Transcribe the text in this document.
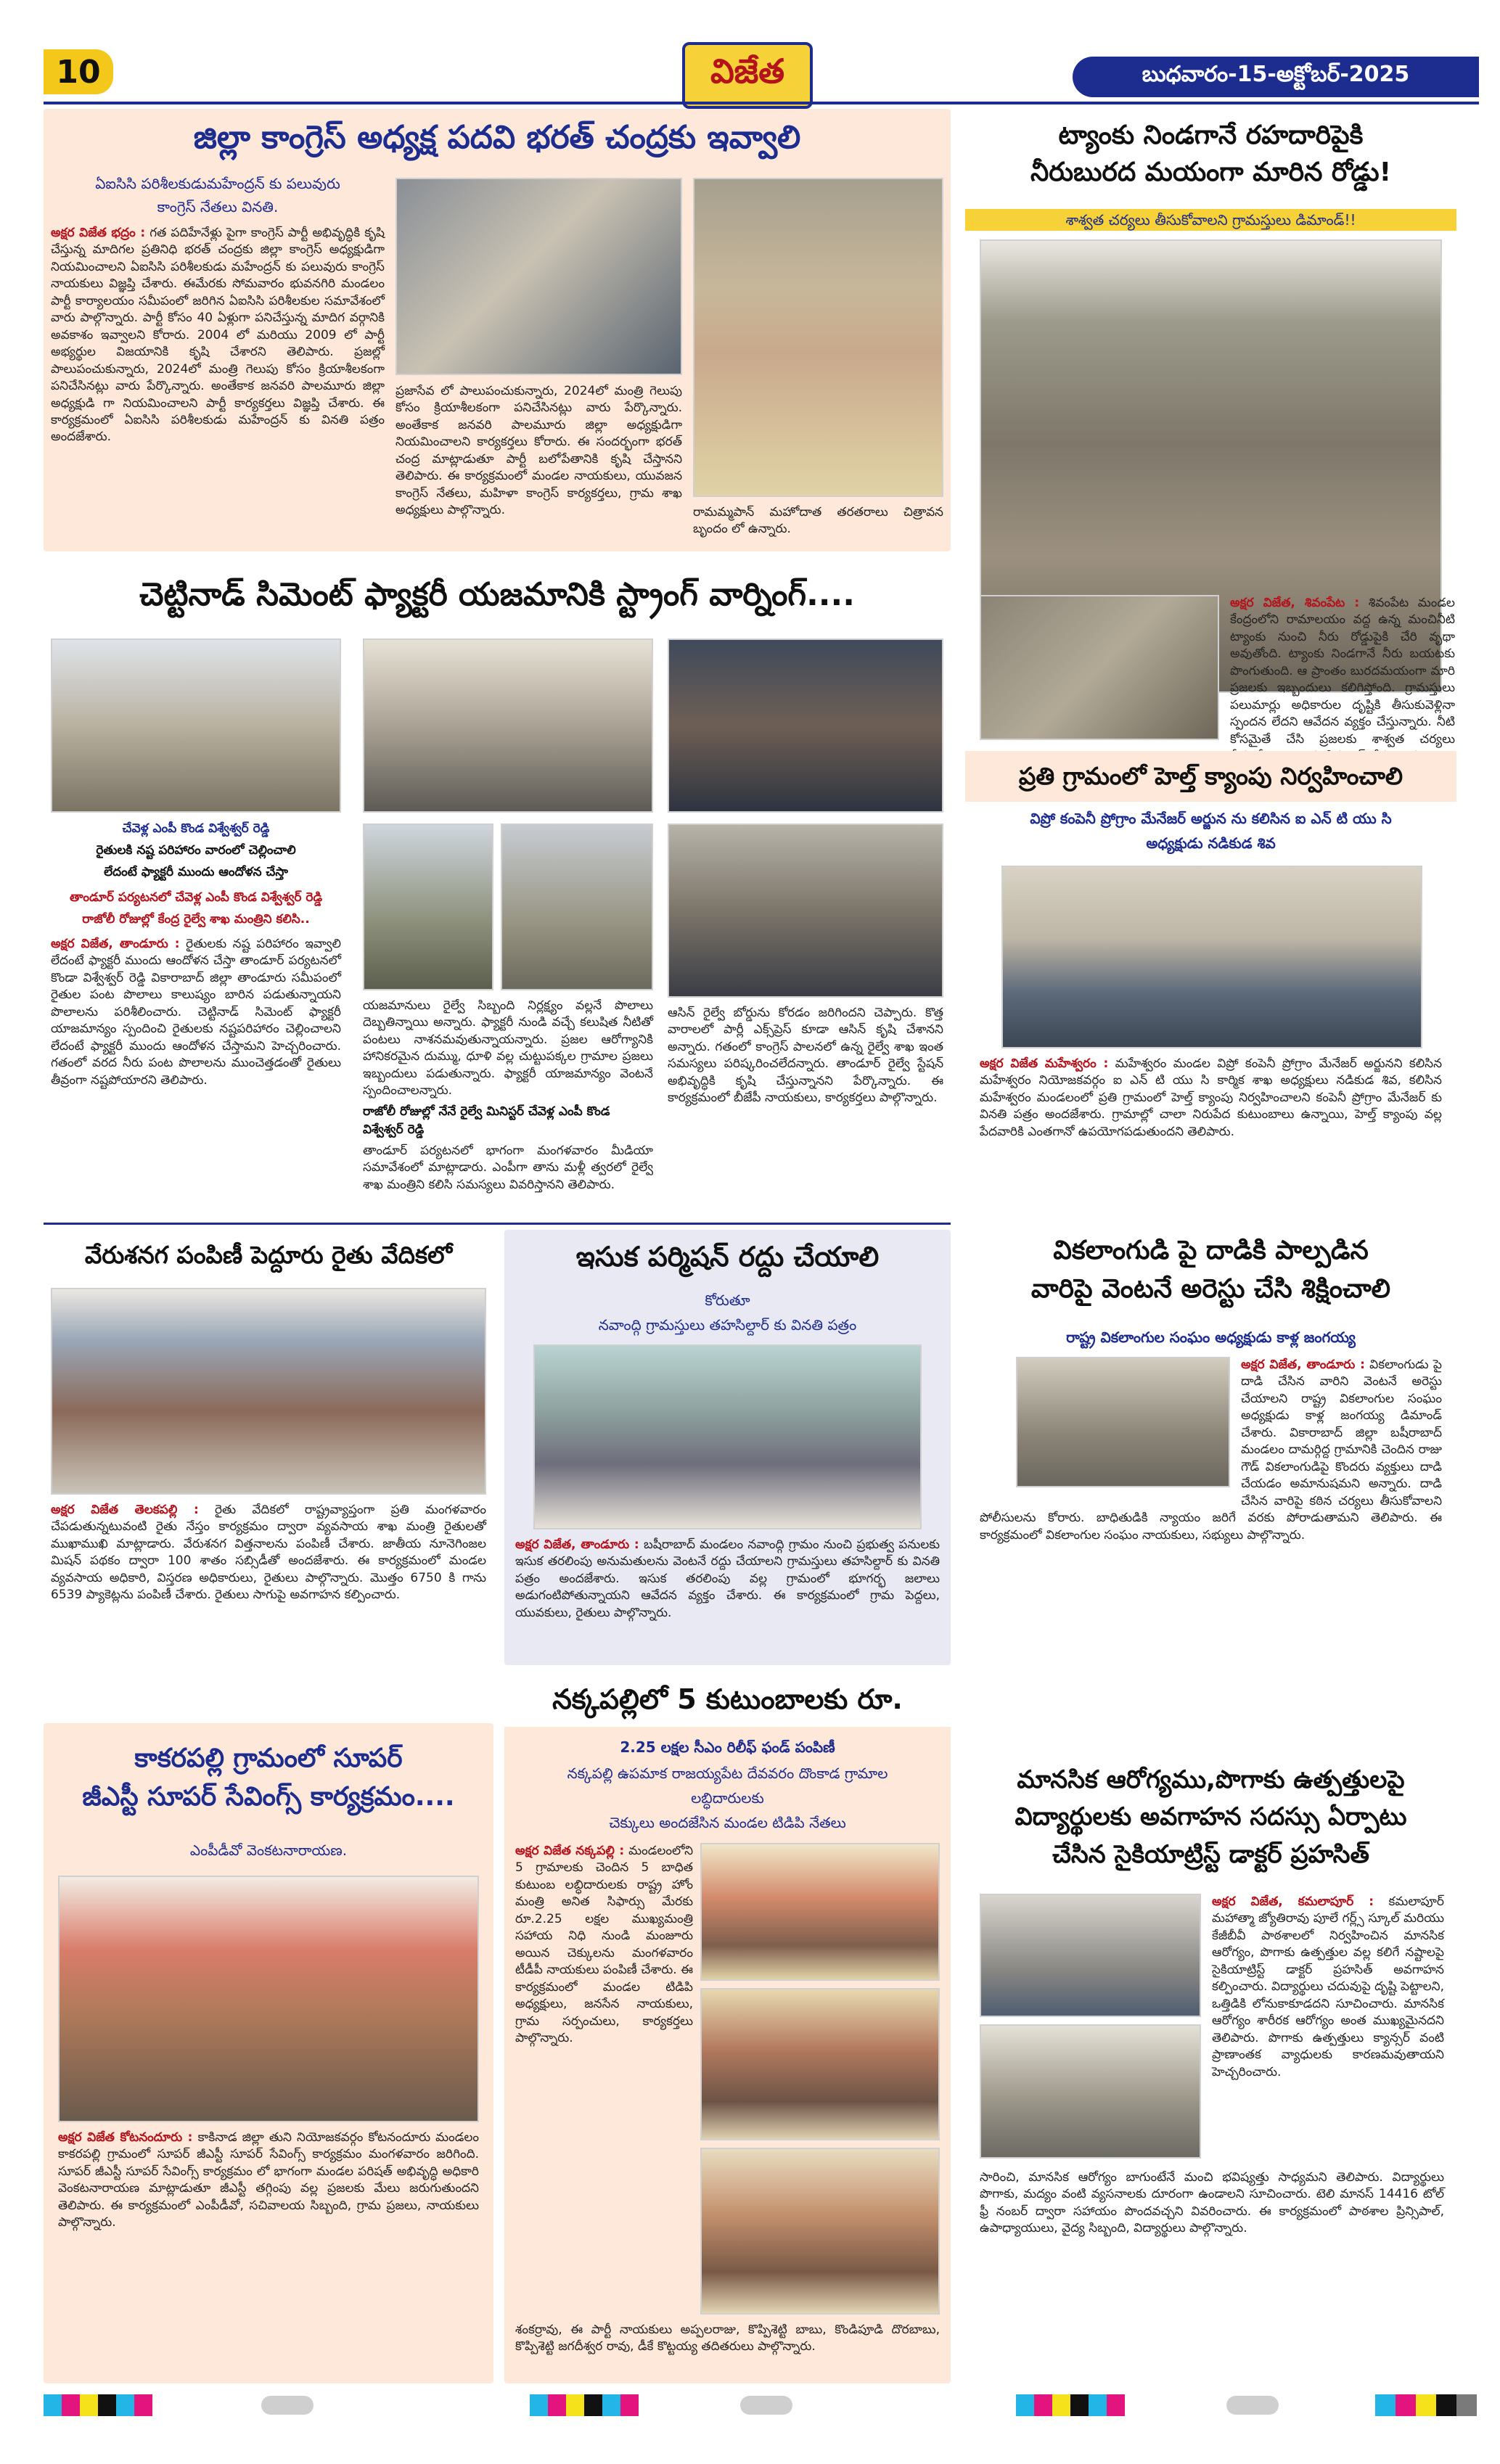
10	విజేత	బుధవారం-15-అక్టోబర్-2025
జిల్లా కాంగ్రెస్ అధ్యక్ష పదవి భరత్ చంద్రకు ఇవ్వాలి
ఏఐసిసి పరిశీలకుడుమహేంద్రన్ కు పలువురు
కాంగ్రెస్ నేతలు వినతి.
అక్షర విజేత భద్రం : గత పదిహేనేళ్లు పైగా కాంగ్రెస్ పార్టీ అభివృద్ధికి కృషి చేస్తున్న మాదిగల ప్రతినిధి భరత్ చంద్రకు జిల్లా కాంగ్రెస్ అధ్యక్షుడిగా నియమించాలని ఏఐసిసి పరిశీలకుడు మహేంద్రన్ కు పలువురు కాంగ్రెస్ నాయకులు విజ్ఞప్తి చేశారు. ఈమేరకు సోమవారం భువనగిరి మండలం పార్టీ కార్యాలయం సమీపంలో జరిగిన ఏఐసిసి పరిశీలకుల సమావేశంలో వారు పాల్గొన్నారు. పార్టీ కోసం 40 ఏళ్లుగా పనిచేస్తున్న మాదిగ వర్గానికి అవకాశం ఇవ్వాలని కోరారు. 2004 లో మరియు 2009 లో పార్టీ అభ్యర్థుల విజయానికి కృషి చేశారని తెలిపారు. ప్రజల్లో పాలుపంచుకున్నారు, 2024లో మంత్రి గెలుపు కోసం క్రియాశీలకంగా పనిచేసినట్లు వారు పేర్కొన్నారు. అంతేకాక జనవరి పాలమూరు జిల్లా అధ్యక్షుడి గా నియమించాలని పార్టీ కార్యకర్తలు విజ్ఞప్తి చేశారు. ఈ కార్యక్రమంలో ఏఐసిసి పరిశీలకుడు మహేంద్రన్ కు వినతి పత్రం అందజేశారు.
ప్రజాసేవ లో పాలుపంచుకున్నారు, 2024లో మంత్రి గెలుపు కోసం క్రియాశీలకంగా పనిచేసినట్లు వారు పేర్కొన్నారు. అంతేకాక జనవరి పాలమూరు జిల్లా అధ్యక్షుడిగా నియమించాలని కార్యకర్తలు కోరారు. ఈ సందర్భంగా భరత్ చంద్ర మాట్లాడుతూ పార్టీ బలోపేతానికి కృషి చేస్తానని తెలిపారు. ఈ కార్యక్రమంలో మండల నాయకులు, యువజన కాంగ్రెస్ నేతలు, మహిళా కాంగ్రెస్ కార్యకర్తలు, గ్రామ శాఖ అధ్యక్షులు పాల్గొన్నారు.	రామమ్మపాన్ మహోదాత తరతరాలు చిత్రావన బృందం లో ఉన్నారు.
ట్యాంకు నిండగానే రహదారిపైకి
నీరుబురద మయంగా మారిన రోడ్డు!
శాశ్వత చర్యలు తీసుకోవాలని గ్రామస్తులు డిమాండ్!!
అక్షర విజేత, శివంపేట : శివంపేట మండల కేంద్రంలోని రామాలయం వద్ద ఉన్న మంచినీటి ట్యాంకు నుంచి నీరు రోడ్డుపైకి చేరి వృథా అవుతోంది. ట్యాంకు నిండగానే నీరు బయటకు పొంగుతుంది. ఆ ప్రాంతం బురదమయంగా మారి ప్రజలకు ఇబ్బందులు కలిగిస్తోంది. గ్రామస్తులు పలుమార్లు అధికారుల దృష్టికి తీసుకువెళ్లినా స్పందన లేదని ఆవేదన వ్యక్తం చేస్తున్నారు. నీటి కోసమైతే చేసి ప్రజలకు శాశ్వత చర్యలు
ప్రతి గ్రామంలో హెల్త్ క్యాంపు నిర్వహించాలి
విప్రో కంపెనీ ప్రోగ్రాం మేనేజర్ అర్జున ను కలిసిన ఐ ఎన్ టి యు సి
అధ్యక్షుడు నడికుడ శివ
అక్షర విజేత మహేశ్వరం : మహేశ్వరం మండల విప్రో కంపెనీ ప్రోగ్రాం మేనేజర్ అర్జునని కలిసిన మహేశ్వరం నియోజకవర్గం ఐ ఎన్ టి యు సి కార్మిక శాఖ అధ్యక్షులు నడికుడ శివ, కలిసిన మహేశ్వరం మండలంలో ప్రతి గ్రామంలో హెల్త్ క్యాంపు నిర్వహించాలని కంపెనీ ప్రోగ్రాం మేనేజర్ కు వినతి పత్రం అందజేశారు. గ్రామాల్లో చాలా నిరుపేద కుటుంబాలు ఉన్నాయి, హెల్త్ క్యాంపు వల్ల పేదవారికి ఎంతగానో ఉపయోగపడుతుందని తెలిపారు.
వికలాంగుడి పై దాడికి పాల్పడిన
వారిపై వెంటనే అరెస్టు చేసి శిక్షించాలి
రాష్ట్ర వికలాంగుల సంఘం అధ్యక్షుడు కాళ్ల జంగయ్య
అక్షర విజేత, తాండూరు : వికలాంగుడు పై దాడి చేసిన వారిని వెంటనే అరెస్టు చేయాలని రాష్ట్ర వికలాంగుల సంఘం అధ్యక్షుడు కాళ్ల జంగయ్య డిమాండ్ చేశారు. వికారాబాద్ జిల్లా బషీరాబాద్ మండలం దామర్గిద్ద గ్రామానికి చెందిన రాజు గౌడ్ వికలాంగుడిపై కొందరు వ్యక్తులు దాడి చేయడం అమానుషమని అన్నారు. దాడి చేసిన వారిపై కఠిన చర్యలు తీసుకోవాలని పోలీసులను కోరారు. బాధితుడికి న్యాయం జరిగే వరకు పోరాడుతామని తెలిపారు. ఈ కార్యక్రమంలో వికలాంగుల సంఘం నాయకులు, సభ్యులు పాల్గొన్నారు.
మానసిక ఆరోగ్యము,పొగాకు ఉత్పత్తులపై
విద్యార్థులకు అవగాహన సదస్సు ఏర్పాటు
చేసిన సైకియాట్రిస్ట్ డాక్టర్ ప్రహసిత్
అక్షర విజేత, కమలాపూర్ : కమలాపూర్ మహాత్మా జ్యోతిరావు పూలే గర్ల్స్ స్కూల్ మరియు కేజీబీవీ పాఠశాలలో నిర్వహించిన మానసిక ఆరోగ్యం, పొగాకు ఉత్పత్తుల వల్ల కలిగే నష్టాలపై సైకియాట్రిస్ట్ డాక్టర్ ప్రహసిత్ అవగాహన కల్పించారు. విద్యార్థులు చదువుపై దృష్టి పెట్టాలని, ఒత్తిడికి లోనుకాకూడదని సూచించారు. మానసిక ఆరోగ్యం శారీరక ఆరోగ్యం అంత ముఖ్యమైనదని తెలిపారు. పొగాకు ఉత్పత్తులు క్యాన్సర్ వంటి ప్రాణాంతక వ్యాధులకు కారణమవుతాయని హెచ్చరించారు.
సారించి, మానసిక ఆరోగ్యం బాగుంటేనే మంచి భవిష్యత్తు సాధ్యమని తెలిపారు. విద్యార్థులు పొగాకు, మద్యం వంటి వ్యసనాలకు దూరంగా ఉండాలని సూచించారు. టెలి మానస్ 14416 టోల్ ఫ్రీ నంబర్ ద్వారా సహాయం పొందవచ్చని వివరించారు. ఈ కార్యక్రమంలో పాఠశాల ప్రిన్సిపాల్, ఉపాధ్యాయులు, వైద్య సిబ్బంది, విద్యార్థులు పాల్గొన్నారు.
చెట్టినాడ్ సిమెంట్ ఫ్యాక్టరీ యజమానికి స్ట్రాంగ్ వార్నింగ్....
చేవెళ్ల ఎంపీ కొండ విశ్వేశ్వర్ రెడ్డి
రైతులకి నష్ట పరిహారం వారంలో చెల్లించాలి
లేదంటే ఫ్యాక్టరీ ముందు ఆందోళన చేస్తా
తాండూర్ పర్యటనలో చేవెళ్ల ఎంపీ కొండ విశ్వేశ్వర్ రెడ్డి
రాజోలీ రోజుల్లో కేంద్ర రైల్వే శాఖ మంత్రిని కలిసి..
అక్షర విజేత, తాండూరు : రైతులకు నష్ట పరిహారం ఇవ్వాలి లేదంటే ఫ్యాక్టరీ ముందు ఆందోళన చేస్తా తాండూర్ పర్యటనలో కొండా విశ్వేశ్వర్ రెడ్డి వికారాబాద్ జిల్లా తాండూరు సమీపంలో రైతుల పంట పొలాలు కాలుష్యం బారిన పడుతున్నాయని పొలాలను పరిశీలించారు. చెట్టినాడ్ సిమెంట్ ఫ్యాక్టరీ యాజమాన్యం స్పందించి రైతులకు నష్టపరిహారం చెల్లించాలని లేదంటే ఫ్యాక్టరీ ముందు ఆందోళన చేస్తామని హెచ్చరించారు. గతంలో వరద నీరు పంట పొలాలను ముంచెత్తడంతో రైతులు తీవ్రంగా నష్టపోయారని తెలిపారు.
యజమానులు రైల్వే సిబ్బంది నిర్లక్ష్యం వల్లనే పొలాలు దెబ్బతిన్నాయి అన్నారు. ఫ్యాక్టరీ నుండి వచ్చే కలుషిత నీటితో పంటలు నాశనమవుతున్నాయన్నారు. ప్రజల ఆరోగ్యానికి హానికరమైన దుమ్ము, ధూళి వల్ల చుట్టుపక్కల గ్రామాల ప్రజలు ఇబ్బందులు పడుతున్నారు. ఫ్యాక్టరీ యాజమాన్యం వెంటనే స్పందించాలన్నారు.
రాజోలీ రోజుల్లో నేనే రైల్వే మినిస్టర్ చేవెళ్ల ఎంపీ కొండ విశ్వేశ్వర్ రెడ్డి
తాండూర్ పర్యటనలో భాగంగా మంగళవారం మీడియా సమావేశంలో మాట్లాడారు. ఎంపీగా తాను మళ్లీ త్వరలో రైల్వే శాఖ మంత్రిని కలిసి సమస్యలు వివరిస్తానని తెలిపారు.
ఆసిన్ రైల్వే బోర్డును కోరడం జరిగిందని చెప్పారు. కొత్త వారాలలో పార్లీ ఎక్స్‌ప్రెస్ కూడా ఆసిన్ కృషి చేశానని అన్నారు. గతంలో కాంగ్రెస్ పాలనలో ఉన్న రైల్వే శాఖ ఇంత సమస్యలు పరిష్కరించలేదన్నారు. తాండూర్ రైల్వే స్టేషన్ అభివృద్ధికి కృషి చేస్తున్నానని పేర్కొన్నారు. ఈ కార్యక్రమంలో బీజేపీ నాయకులు, కార్యకర్తలు పాల్గొన్నారు.
వేరుశనగ పంపిణీ పెద్దూరు రైతు వేదికలో
అక్షర విజేత తెలకపల్లి : రైతు వేదికలో రాష్ట్రవ్యాప్తంగా ప్రతి మంగళవారం చేపడుతున్నటువంటి రైతు నేస్తం కార్యక్రమం ద్వారా వ్యవసాయ శాఖ మంత్రి రైతులతో ముఖాముఖి మాట్లాడారు. వేరుశనగ విత్తనాలను పంపిణీ చేశారు. జాతీయ నూనెగింజల మిషన్ పథకం ద్వారా 100 శాతం సబ్సిడీతో అందజేశారు. ఈ కార్యక్రమంలో మండల వ్యవసాయ అధికారి, విస్తరణ అధికారులు, రైతులు పాల్గొన్నారు. మొత్తం 6750 కి గాను 6539 ప్యాకెట్లను పంపిణీ చేశారు. రైతులు సాగుపై అవగాహన కల్పించారు.
కాకరపల్లి గ్రామంలో సూపర్
జీఎస్టీ సూపర్ సేవింగ్స్ కార్యక్రమం....
ఎంపీడీవో వెంకటనారాయణ.
అక్షర విజేత కోటనందూరు : కాకినాడ జిల్లా తుని నియోజకవర్గం కోటనందూరు మండలం కాకరపల్లి గ్రామంలో సూపర్ జీఎస్టీ సూపర్ సేవింగ్స్ కార్యక్రమం మంగళవారం జరిగింది. సూపర్ జీఎస్టీ సూపర్ సేవింగ్స్ కార్యక్రమం లో భాగంగా మండల పరిషత్ అభివృద్ధి అధికారి వెంకటనారాయణ మాట్లాడుతూ జీఎస్టీ తగ్గింపు వల్ల ప్రజలకు మేలు జరుగుతుందని తెలిపారు. ఈ కార్యక్రమంలో ఎంపీడీవో, సచివాలయ సిబ్బంది, గ్రామ ప్రజలు, నాయకులు పాల్గొన్నారు.
ఇసుక పర్మిషన్ రద్దు చేయాలి
కోరుతూ
నవాంద్గి గ్రామస్తులు తహసిల్దార్ కు వినతి పత్రం
అక్షర విజేత, తాండూరు : బషీరాబాద్ మండలం నవాంద్గి గ్రామం నుంచి ప్రభుత్వ పనులకు ఇసుక తరలింపు అనుమతులను వెంటనే రద్దు చేయాలని గ్రామస్తులు తహసిల్దార్ కు వినతి పత్రం అందజేశారు. ఇసుక తరలింపు వల్ల గ్రామంలో భూగర్భ జలాలు అడుగంటిపోతున్నాయని ఆవేదన వ్యక్తం చేశారు. ఈ కార్యక్రమంలో గ్రామ పెద్దలు, యువకులు, రైతులు పాల్గొన్నారు.
నక్కపల్లిలో 5 కుటుంబాలకు రూ.
2.25 లక్షల సీఎం రిలీఫ్ ఫండ్ పంపిణీ
నక్కపల్లి ఉపమాక రాజయ్యపేట దేవవరం దొంకాడ గ్రామాల
లబ్ధిదారులకు
చెక్కులు అందజేసిన మండల టిడిపి నేతలు
అక్షర విజేత నక్కపల్లి : మండలంలోని 5 గ్రామాలకు చెందిన 5 బాధిత కుటుంబ లబ్ధిదారులకు రాష్ట్ర హోం మంత్రి అనిత సిఫార్సు మేరకు రూ.2.25 లక్షల ముఖ్యమంత్రి సహాయ నిధి నుండి మంజూరు అయిన చెక్కులను మంగళవారం టీడీపీ నాయకులు పంపిణీ చేశారు. ఈ కార్యక్రమంలో మండల టిడిపి అధ్యక్షులు, జనసేన నాయకులు, గ్రామ సర్పంచులు, కార్యకర్తలు పాల్గొన్నారు.
శంకర్రావు, ఈ పార్టీ నాయకులు అప్పలరాజు, కొప్పిశెట్టి బాబు, కొండిపూడి దొరబాబు, కొప్పిశెట్టి జగదీశ్వర రావు, డీకే కొట్టయ్య తదితరులు పాల్గొన్నారు.
